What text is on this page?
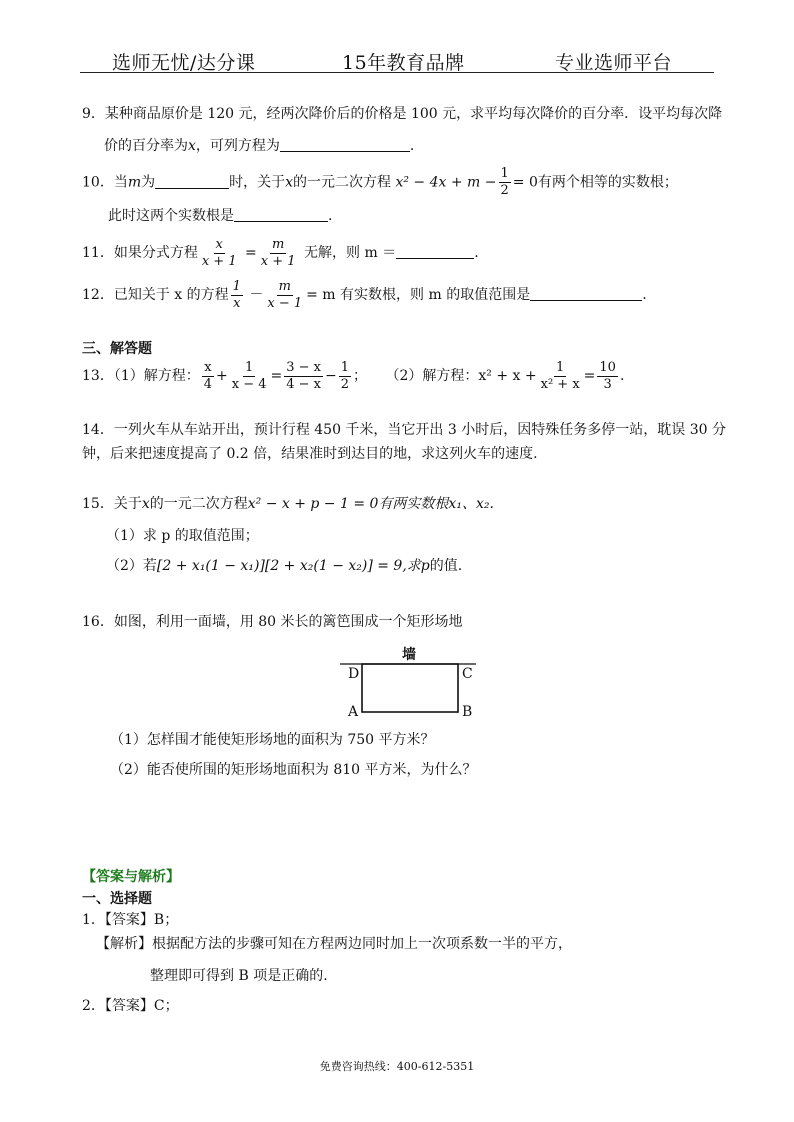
选师无忧/达分课	15年教育品牌	专业选师平台
9．某种商品原价是 120 元，经两次降价后的价格是 100 元，求平均每次降价的百分率．设平均每次降
价的百分率为x，可列方程为	.
10．当m为	时，关于x的一元二次方程 $x^2 - 4x + m - \frac{1}{2} = 0$有两个相等的实数根；
此时这两个实数根是	.
11．如果分式方程 $\frac{x}{x + 1} = \frac{m}{x + 1}$ 无解，则 m ＝	.
12．已知关于 x 的方程 $\frac{1}{x} - \frac{m}{x - 1} = m$ 有实数根，则 m 的取值范围是	.
三、解答题
13．（1）解方程： $\frac{x}{4} + \frac{1}{x - 4} = \frac{3 - x}{4 - x} - \frac{1}{2}$ ； （2）解方程：$x^2 + x + \frac{1}{\text{x² + x}} = \frac{10}{3}$ .
14．一列火车从车站开出，预计行程 450 千米，当它开出 3 小时后，因特殊任务多停一站，耽误 30 分
钟，后来把速度提高了 0.2 倍，结果准时到达目的地，求这列火车的速度.
15．关于x的一元二次方程x² − x + p − 1 = 0有两实数根x₁、x₂.
（1）求 p 的取值范围；
（2）若[2 + x₁(1 − x₁)][2 + x₂(1 − x₂)] = 9,求p的值.
16．如图，利用一面墙，用 80 米长的篱笆围成一个矩形场地
墙
D	C
A	B
（1）怎样围才能使矩形场地的面积为 750 平方米？
（2）能否使所围的矩形场地面积为 810 平方米，为什么？
【答案与解析】
一、选择题
1．【答案】B；
【解析】根据配方法的步骤可知在方程两边同时加上一次项系数一半的平方，
整理即可得到 B 项是正确的.
2．【答案】C；
免费咨询热线：400-612-5351
